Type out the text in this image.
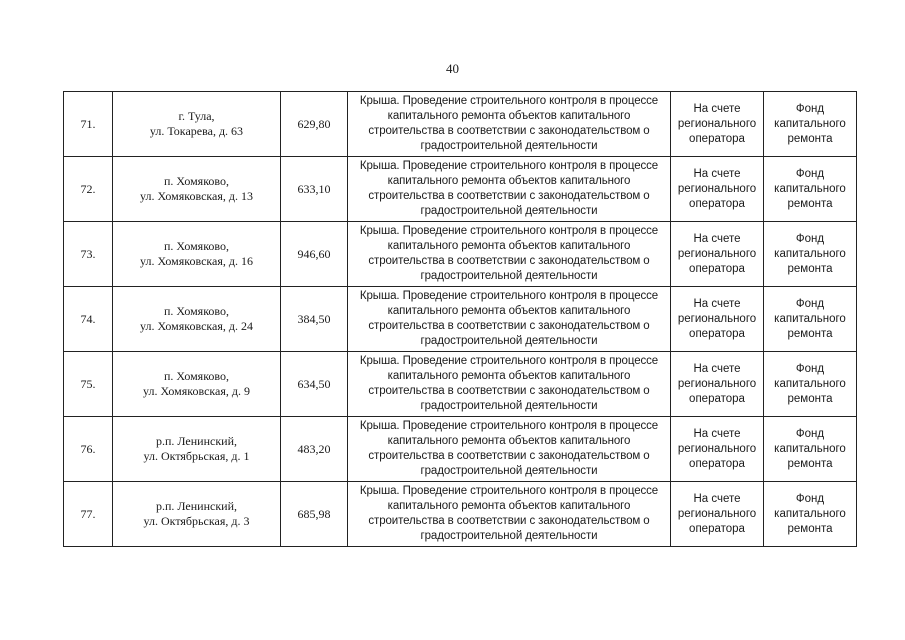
40
71.	г. Тула,
ул. Токарева, д. 63	629,80	Крыша. Проведение строительного контроля в процессе
капитального ремонта объектов капитального
строительства в соответствии с законодательством о
градостроительной деятельности	На счете
регионального
оператора	Фонд
капитального
ремонта

72.	п. Хомяково,
ул. Хомяковская, д. 13	633,10	Крыша. Проведение строительного контроля в процессе
капитального ремонта объектов капитального
строительства в соответствии с законодательством о
градостроительной деятельности	На счете
регионального
оператора	Фонд
капитального
ремонта

73.	п. Хомяково,
ул. Хомяковская, д. 16	946,60	Крыша. Проведение строительного контроля в процессе
капитального ремонта объектов капитального
строительства в соответствии с законодательством о
градостроительной деятельности	На счете
регионального
оператора	Фонд
капитального
ремонта

74.	п. Хомяково,
ул. Хомяковская, д. 24	384,50	Крыша. Проведение строительного контроля в процессе
капитального ремонта объектов капитального
строительства в соответствии с законодательством о
градостроительной деятельности	На счете
регионального
оператора	Фонд
капитального
ремонта

75.	п. Хомяково,
ул. Хомяковская, д. 9	634,50	Крыша. Проведение строительного контроля в процессе
капитального ремонта объектов капитального
строительства в соответствии с законодательством о
градостроительной деятельности	На счете
регионального
оператора	Фонд
капитального
ремонта

76.	р.п. Ленинский,
ул. Октябрьская, д. 1	483,20	Крыша. Проведение строительного контроля в процессе
капитального ремонта объектов капитального
строительства в соответствии с законодательством о
градостроительной деятельности	На счете
регионального
оператора	Фонд
капитального
ремонта

77.	р.п. Ленинский,
ул. Октябрьская, д. 3	685,98	Крыша. Проведение строительного контроля в процессе
капитального ремонта объектов капитального
строительства в соответствии с законодательством о
градостроительной деятельности	На счете
регионального
оператора	Фонд
капитального
ремонта
